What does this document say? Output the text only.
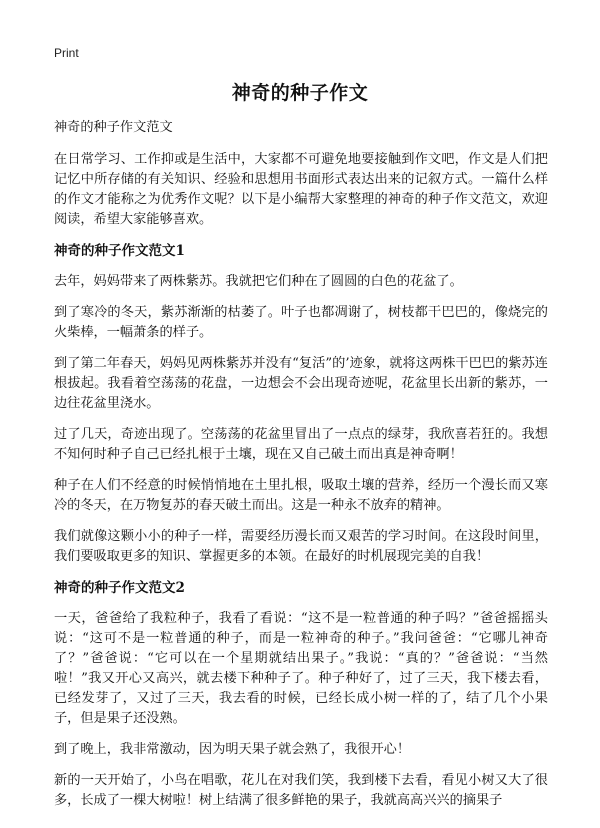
Print
神奇的种子作文

神奇的种子作文范文

在日常学习、工作抑或是生活中，大家都不可避免地要接触到作文吧，作文是人们把记忆中所存储的有关知识、经验和思想用书面形式表达出来的记叙方式。一篇什么样的作文才能称之为优秀作文呢？以下是小编帮大家整理的神奇的种子作文范文，欢迎阅读，希望大家能够喜欢。

神奇的种子作文范文1

去年，妈妈带来了两株紫苏。我就把它们种在了圆圆的白色的花盆了。

到了寒冷的冬天，紫苏渐渐的枯萎了。叶子也都凋谢了，树枝都干巴巴的，像烧完的火柴棒，一幅萧条的样子。

到了第二年春天，妈妈见两株紫苏并没有“复活”的’迹象，就将这两株干巴巴的紫苏连根拔起。我看着空荡荡的花盘，一边想会不会出现奇迹呢，花盆里长出新的紫苏，一边往花盆里浇水。

过了几天，奇迹出现了。空荡荡的花盆里冒出了一点点的绿芽，我欣喜若狂的。我想不知何时种子自己已经扎根于土壤，现在又自己破土而出真是神奇啊！

种子在人们不经意的时候悄悄地在土里扎根，吸取土壤的营养，经历一个漫长而又寒冷的冬天，在万物复苏的春天破土而出。这是一种永不放弃的精神。

我们就像这颗小小的种子一样，需要经历漫长而又艰苦的学习时间。在这段时间里，我们要吸取更多的知识、掌握更多的本领。在最好的时机展现完美的自我！

神奇的种子作文范文2

一天，爸爸给了我粒种子，我看了看说：“这不是一粒普通的种子吗？”爸爸摇摇头说：“这可不是一粒普通的种子，而是一粒神奇的种子。”我问爸爸：“它哪儿神奇了？”爸爸说：“它可以在一个星期就结出果子。”我说：“真的？”爸爸说：“当然啦！”我又开心又高兴，就去楼下种种子了。种子种好了，过了三天，我下楼去看，已经发芽了，又过了三天，我去看的时候，已经长成小树一样的了，结了几个小果子，但是果子还没熟。

到了晚上，我非常激动，因为明天果子就会熟了，我很开心！

新的一天开始了，小鸟在唱歌，花儿在对我们笑，我到楼下去看，看见小树又大了很多，长成了一棵大树啦！树上结满了很多鲜艳的果子，我就高高兴兴的摘果子
